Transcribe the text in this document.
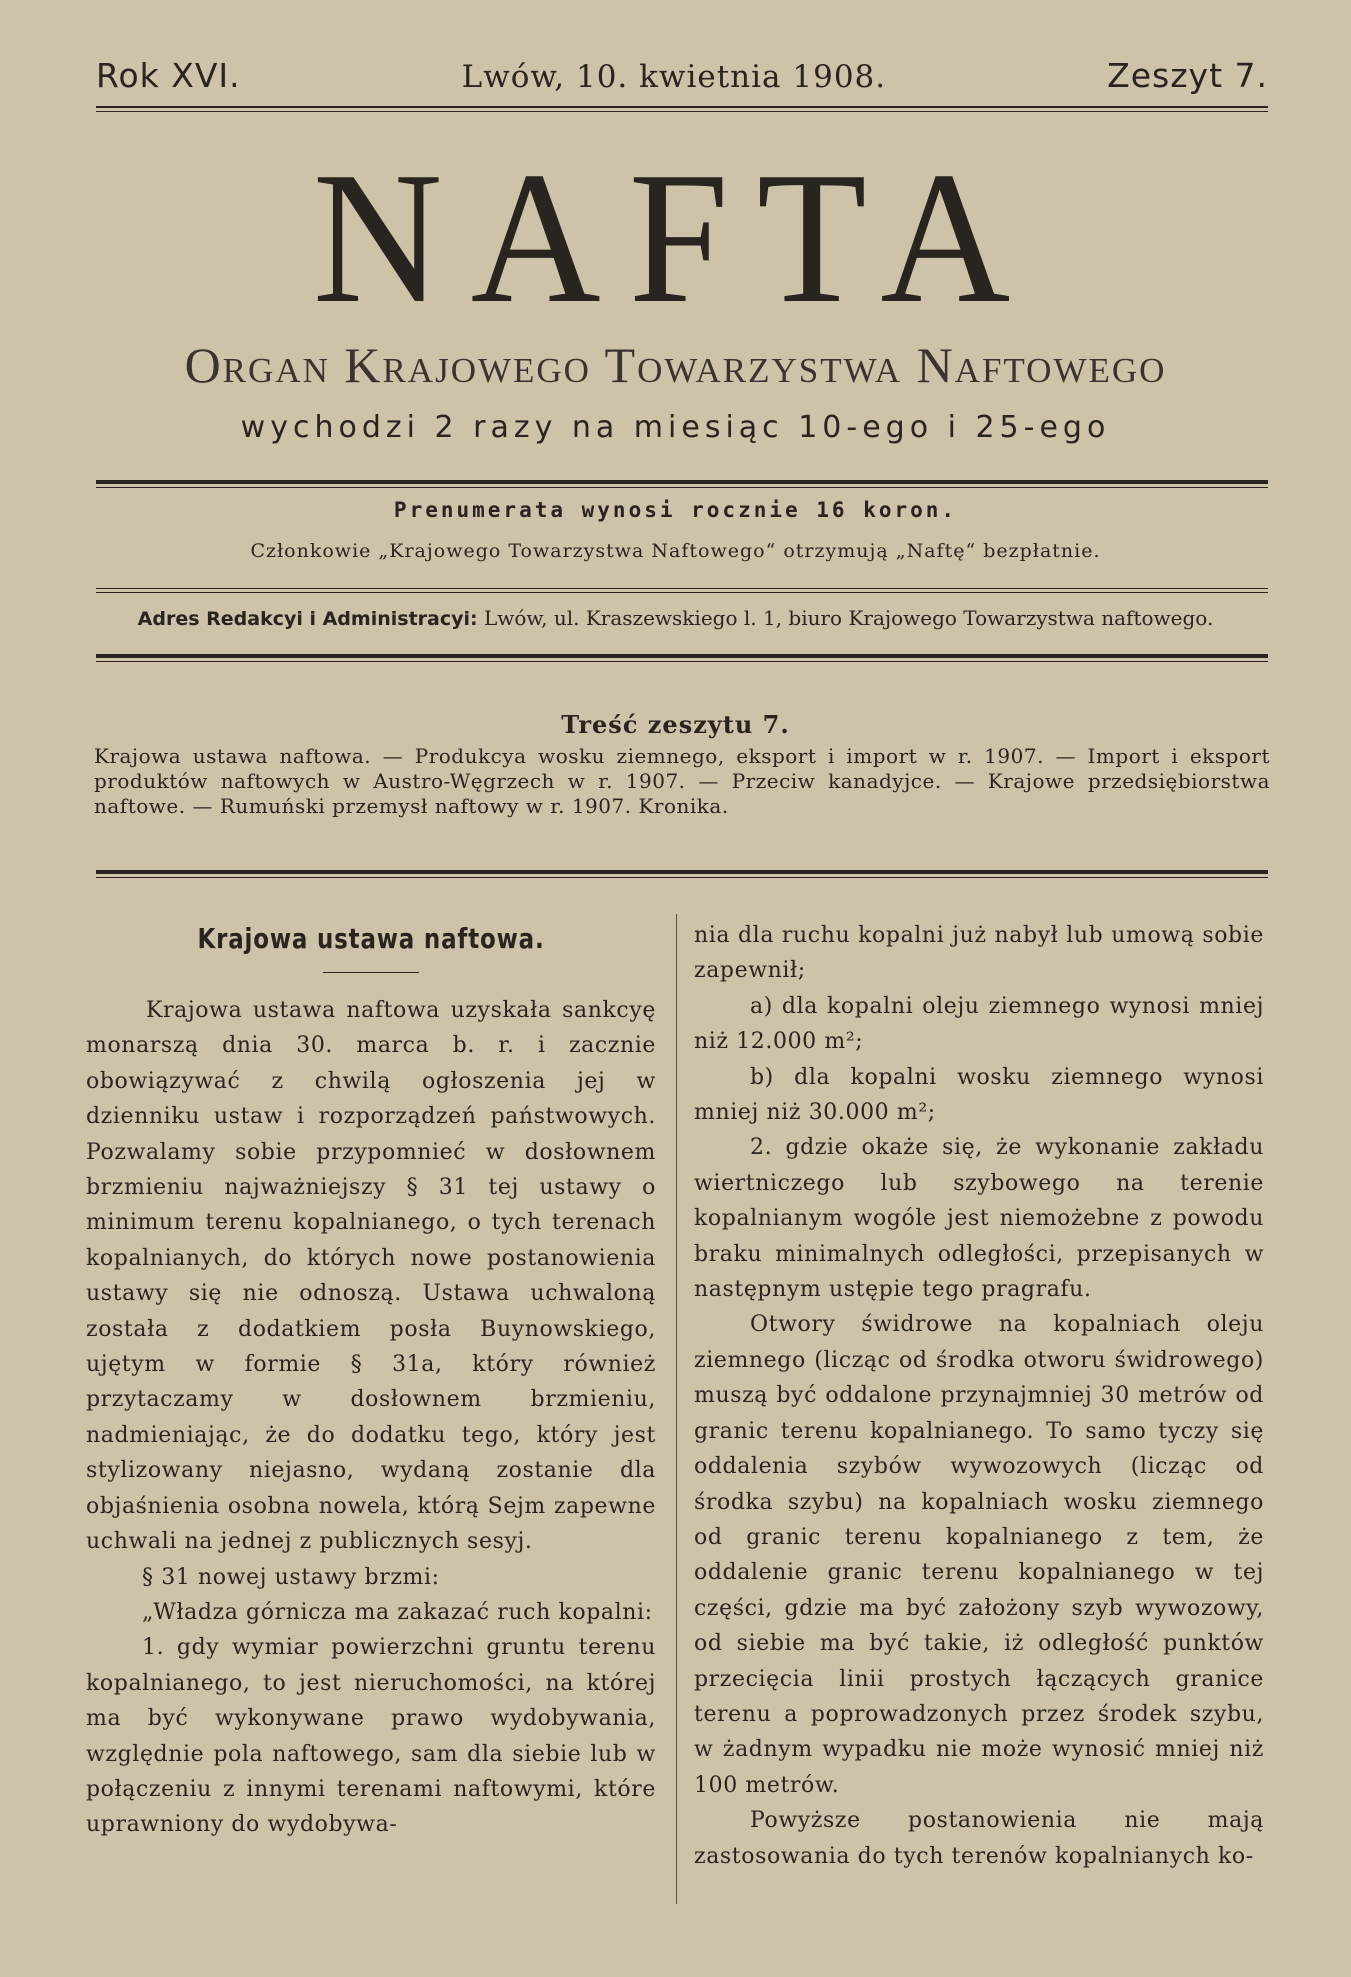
Rok XVI.	Lwów, 10. kwietnia 1908.	Zeszyt 7.
NAFTA
Organ Krajowego Towarzystwa Naftowego
wychodzi 2 razy na miesiąc 10-ego i 25-ego
Prenumerata wynosi rocznie 16 koron.
Członkowie „Krajowego Towarzystwa Naftowego“ otrzymują „Naftę“ bezpłatnie.
Adres Redakcyi i Administracyi: Lwów, ul. Kraszewskiego l. 1, biuro Krajowego Towarzystwa naftowego.
Treść zeszytu 7.
Krajowa ustawa naftowa. — Produkcya wosku ziemnego, eksport i import w r. 1907. — Import i eksport produktów naftowych w Austro-Węgrzech w r. 1907. — Przeciw kanadyjce. — Krajowe przedsiębiorstwa naftowe. — Rumuński przemysł naftowy w r. 1907. Kronika.
Krajowa ustawa naftowa.

Krajowa ustawa naftowa uzyskała sankcyę monarszą dnia 30. marca b. r. i zacznie obowiązywać z chwilą ogłoszenia jej w dzienniku ustaw i rozporządzeń państwowych. Pozwalamy sobie przypomnieć w dosłownem brzmieniu najważniejszy § 31 tej ustawy o minimum terenu kopalnianego, o tych terenach kopalnianych, do których nowe postanowienia ustawy się nie odnoszą. Ustawa uchwaloną została z dodatkiem posła Buynowskiego, ujętym w formie § 31a, który również przytaczamy w dosłownem brzmieniu, nadmieniając, że do dodatku tego, który jest stylizowany niejasno, wydaną zostanie dla objaśnienia osobna nowela, którą Sejm zapewne uchwali na jednej z publicznych sesyj.

§ 31 nowej ustawy brzmi:

„Władza górnicza ma zakazać ruch kopalni:

1. gdy wymiar powierzchni gruntu terenu kopalnianego, to jest nieruchomości, na której ma być wykonywane prawo wydobywania, względnie pola naftowego, sam dla siebie lub w połączeniu z innymi terenami naftowymi, które uprawniony do wydobywa-

nia dla ruchu kopalni już nabył lub umową sobie zapewnił;

a) dla kopalni oleju ziemnego wynosi mniej niż 12.000 m²;

b) dla kopalni wosku ziemnego wynosi mniej niż 30.000 m²;

2. gdzie okaże się, że wykonanie zakładu wiertniczego lub szybowego na terenie kopalnianym wogóle jest niemożebne z powodu braku minimalnych odległości, przepisanych w następnym ustępie tego pragrafu.

Otwory świdrowe na kopalniach oleju ziemnego (licząc od środka otworu świdrowego) muszą być oddalone przynajmniej 30 metrów od granic terenu kopalnianego. To samo tyczy się oddalenia szybów wywozowych (licząc od środka szybu) na kopalniach wosku ziemnego od granic terenu kopalnianego z tem, że oddalenie granic terenu kopalnianego w tej części, gdzie ma być założony szyb wywozowy, od siebie ma być takie, iż odległość punktów przecięcia linii prostych łączących granice terenu a poprowadzonych przez środek szybu, w żadnym wypadku nie może wynosić mniej niż 100 metrów.

Powyższe postanowienia nie mają zastosowania do tych terenów kopalnianych ko-
